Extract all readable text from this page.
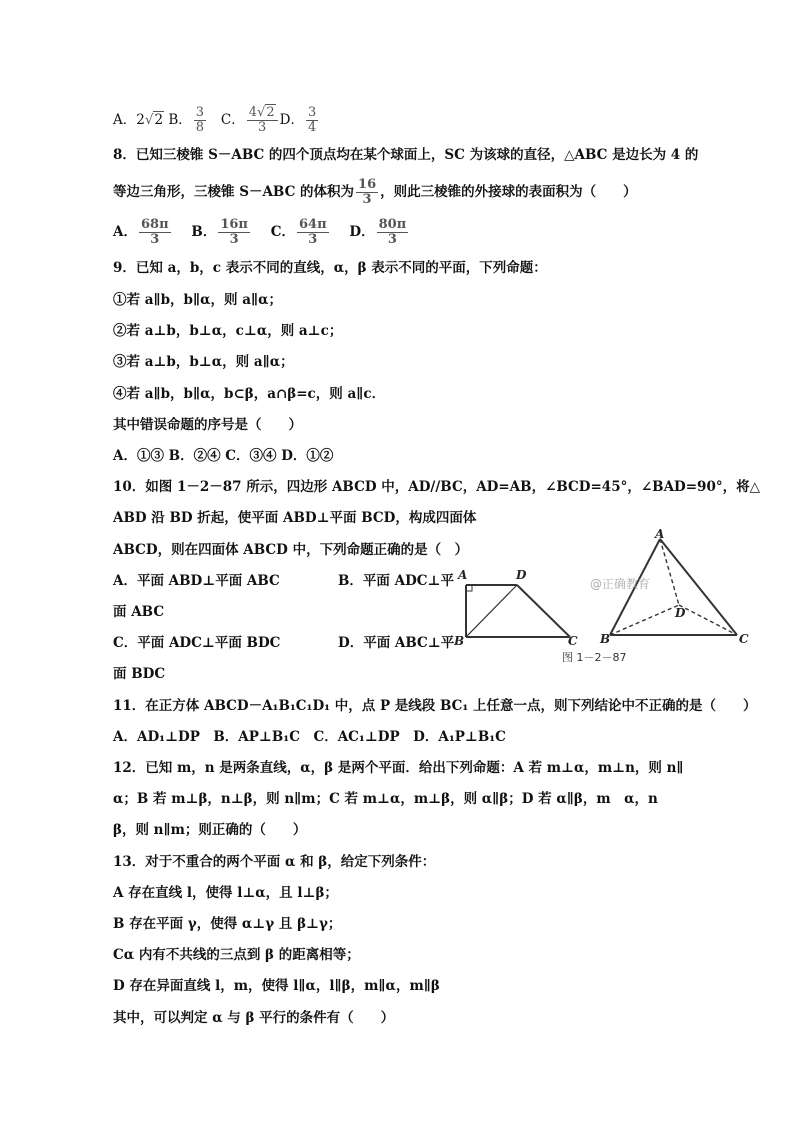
A．2√2 B． $\frac{3}{8}$ C． $\frac{4√2}{3}$ D． $\frac{3}{4}$
8．已知三棱锥 S－ABC 的四个顶点均在某个球面上，SC 为该球的直径，△ABC 是边长为 4 的
等边三角形，三棱锥 S－ABC 的体积为 $\frac{16}{3}$ ，则此三棱锥的外接球的表面积为（　　）
A． $\frac{68\pi}{3}$ B． $\frac{16\pi}{3}$ C． $\frac{64\pi}{3}$ D． $\frac{80\pi}{3}$
9．已知 a，b，c 表示不同的直线，α，β 表示不同的平面，下列命题：
①若 a∥b，b∥α，则 a∥α；
②若 a⊥b，b⊥α，c⊥α，则 a⊥c；
③若 a⊥b，b⊥α，则 a∥α；
④若 a∥b，b∥α，b⊂β，a∩β=c，则 a∥c．
其中错误命题的序号是（　　）
A．①③ B．②④ C．③④ D．①②
10．如图 1－2－87 所示，四边形 ABCD 中，AD//BC，AD=AB，∠BCD=45°，∠BAD=90°，将△
ABD 沿 BD 折起，使平面 ABD⊥平面 BCD，构成四面体
ABCD，则在四面体 ABCD 中，下列命题正确的是（　）
A．平面 ABD⊥平面 ABC	B．平面 ADC⊥平
面 ABC
C．平面 ADC⊥平面 BDC	D．平面 ABC⊥平
面 BDC
A	D
B	C
A
D
B	C
@正确教育
图 1－2－87
11．在正方体 ABCD－A₁B₁C₁D₁ 中，点 P 是线段 BC₁ 上任意一点，则下列结论中不正确的是（　　）
A．AD₁⊥DP　B．AP⊥B₁C　C．AC₁⊥DP　D．A₁P⊥B₁C
12．已知 m，n 是两条直线，α，β 是两个平面．给出下列命题：A 若 m⊥α，m⊥n，则 n∥
α；B 若 m⊥β，n⊥β，则 n∥m；C 若 m⊥α，m⊥β，则 α∥β；D 若 α∥β，m　α，n
β，则 n∥m；则正确的（　　）
13．对于不重合的两个平面 α 和 β，给定下列条件：
A 存在直线 l，使得 l⊥α，且 l⊥β；
B 存在平面 γ，使得 α⊥γ 且 β⊥γ；
Cα 内有不共线的三点到 β 的距离相等；
D 存在异面直线 l，m，使得 l∥α，l∥β，m∥α，m∥β
其中，可以判定 α 与 β 平行的条件有（　　）
